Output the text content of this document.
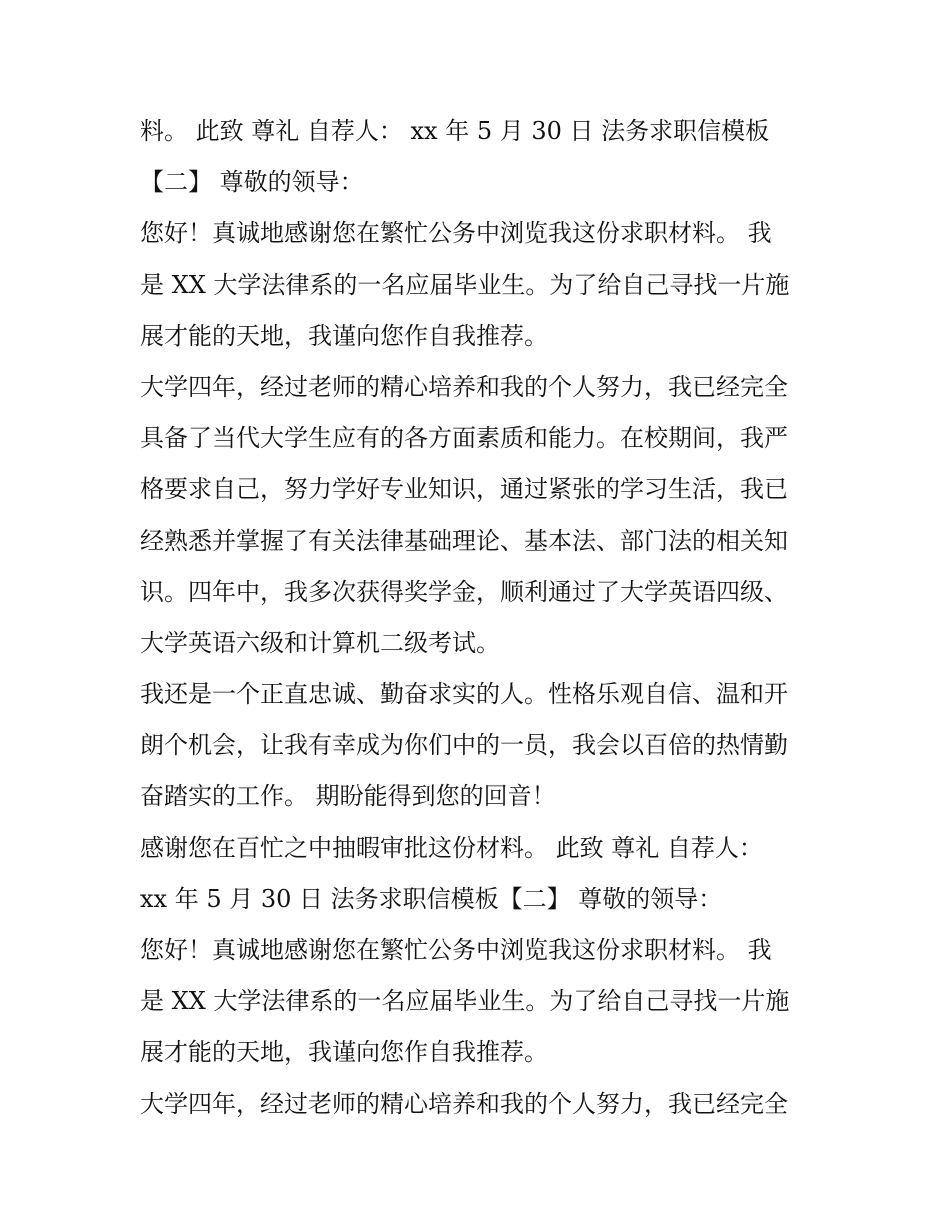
料。 此致 尊礼 自荐人： xx 年 5 月 30 日 法务求职信模板
【二】 尊敬的领导：
您好！真诚地感谢您在繁忙公务中浏览我这份求职材料。 我
是 XX 大学法律系的一名应届毕业生。为了给自己寻找一片施
展才能的天地，我谨向您作自我推荐。
大学四年，经过老师的精心培养和我的个人努力，我已经完全
具备了当代大学生应有的各方面素质和能力。在校期间，我严
格要求自己，努力学好专业知识，通过紧张的学习生活，我已
经熟悉并掌握了有关法律基础理论、基本法、部门法的相关知
识。四年中，我多次获得奖学金，顺利通过了大学英语四级、
大学英语六级和计算机二级考试。
我还是一个正直忠诚、勤奋求实的人。性格乐观自信、温和开
朗个机会，让我有幸成为你们中的一员，我会以百倍的热情勤
奋踏实的工作。 期盼能得到您的回音！
感谢您在百忙之中抽暇审批这份材料。 此致 尊礼 自荐人：
xx 年 5 月 30 日 法务求职信模板【二】 尊敬的领导：
您好！真诚地感谢您在繁忙公务中浏览我这份求职材料。 我
是 XX 大学法律系的一名应届毕业生。为了给自己寻找一片施
展才能的天地，我谨向您作自我推荐。
大学四年，经过老师的精心培养和我的个人努力，我已经完全
